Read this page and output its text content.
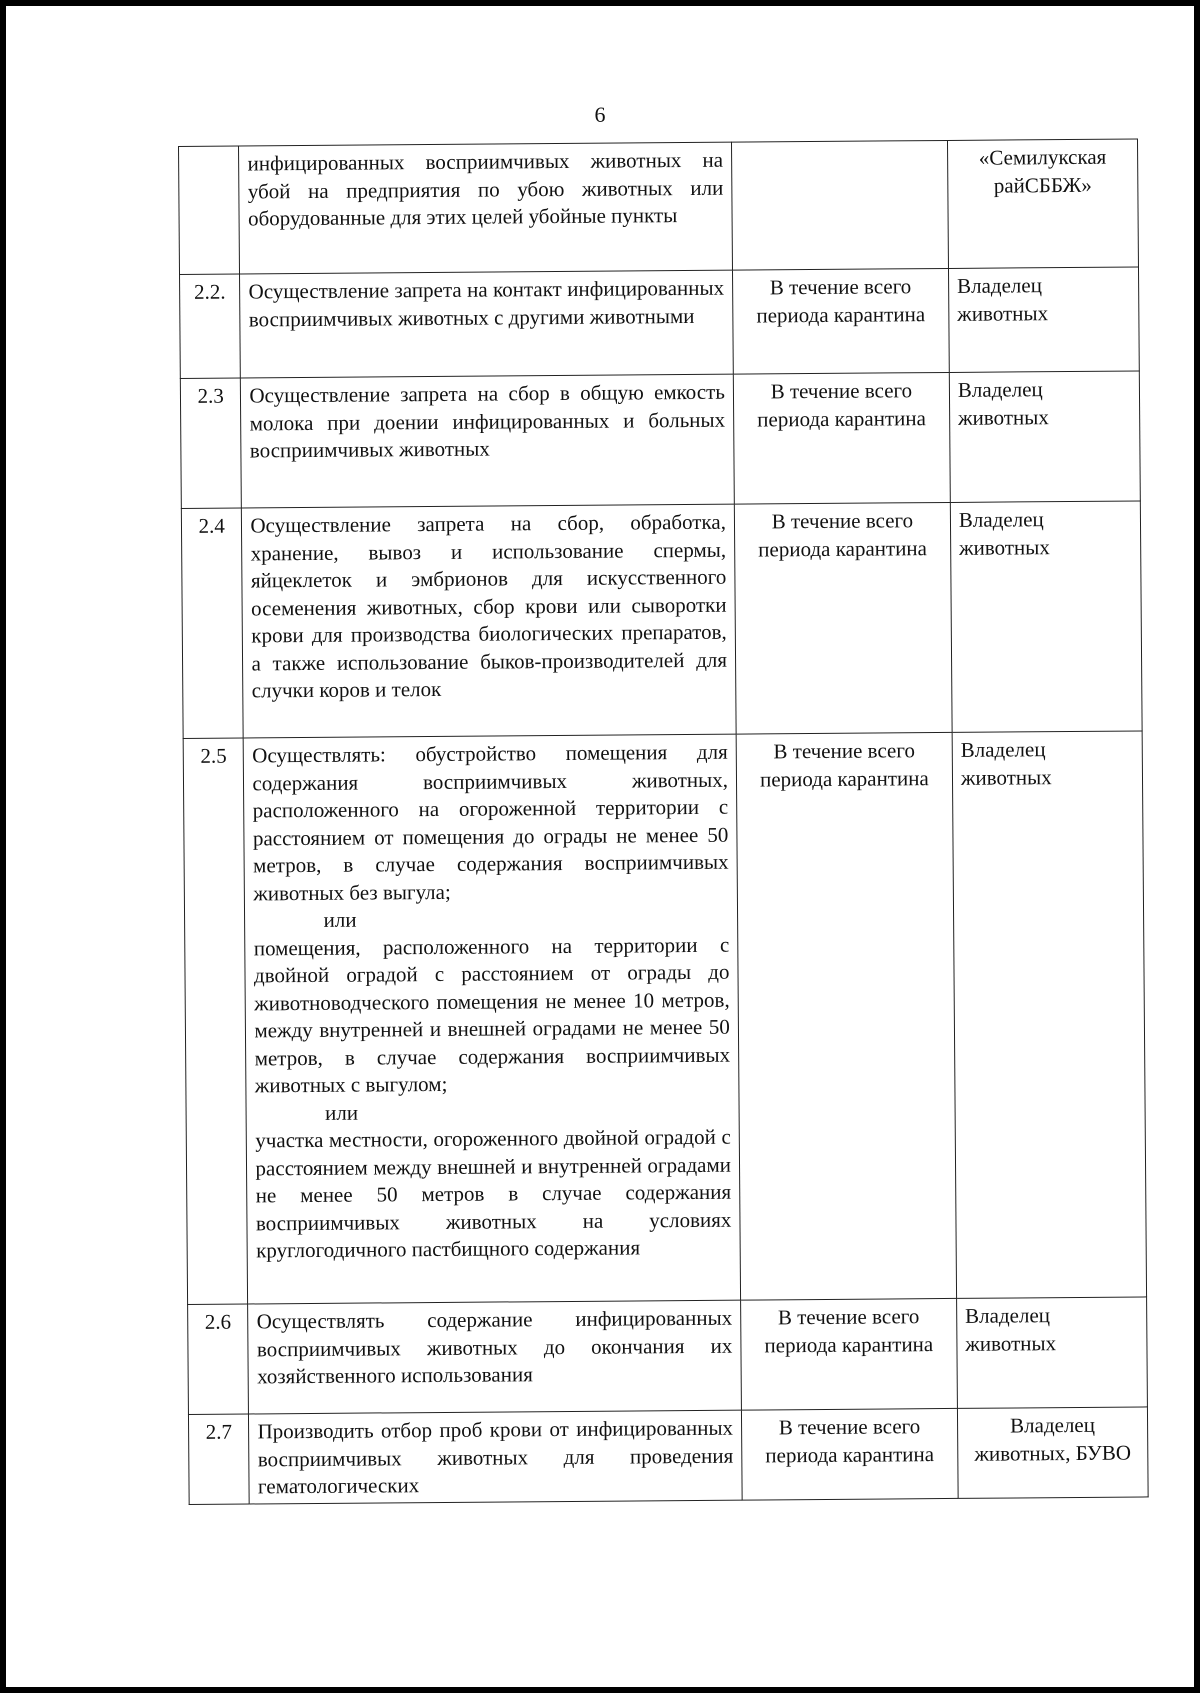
6

	инфицированных восприимчивых животных на убой на предприятия по убою животных или оборудованные для этих целей убойные пункты		«Семилукская райСББЖ»
2.2.	Осуществление запрета на контакт инфицированных восприимчивых животных с другими животными	В течение всего периода карантина	Владелец животных
2.3	Осуществление запрета на сбор в общую емкость молока при доении инфицированных и больных восприимчивых животных	В течение всего периода карантина	Владелец животных
2.4	Осуществление запрета на сбор, обработка, хранение, вывоз и использование спермы, яйцеклеток и эмбрионов для искусственного осеменения животных, сбор крови или сыворотки крови для производства биологических препаратов, а также использование быков-производителей для случки коров и телок	В течение всего периода карантина	Владелец животных
2.5	Осуществлять: обустройство помещения для содержания восприимчивых животных, расположенного на огороженной территории с расстоянием от помещения до ограды не менее 50 метров, в случае содержания восприимчивых животных без выгула;
или
помещения, расположенного на территории с двойной оградой с расстоянием от ограды до животноводческого помещения не менее 10 метров, между внутренней и внешней оградами не менее 50 метров, в случае содержания восприимчивых животных с выгулом;
или
участка местности, огороженного двойной оградой с расстоянием между внешней и внутренней оградами не менее 50 метров в случае содержания восприимчивых животных на условиях круглогодичного пастбищного содержания	В течение всего периода карантина	Владелец животных
2.6	Осуществлять содержание инфицированных восприимчивых животных до окончания их хозяйственного использования	В течение всего периода карантина	Владелец животных
2.7	Производить отбор проб крови от инфицированных восприимчивых животных для проведения гематологических	В течение всего периода карантина	Владелец животных, БУВО
